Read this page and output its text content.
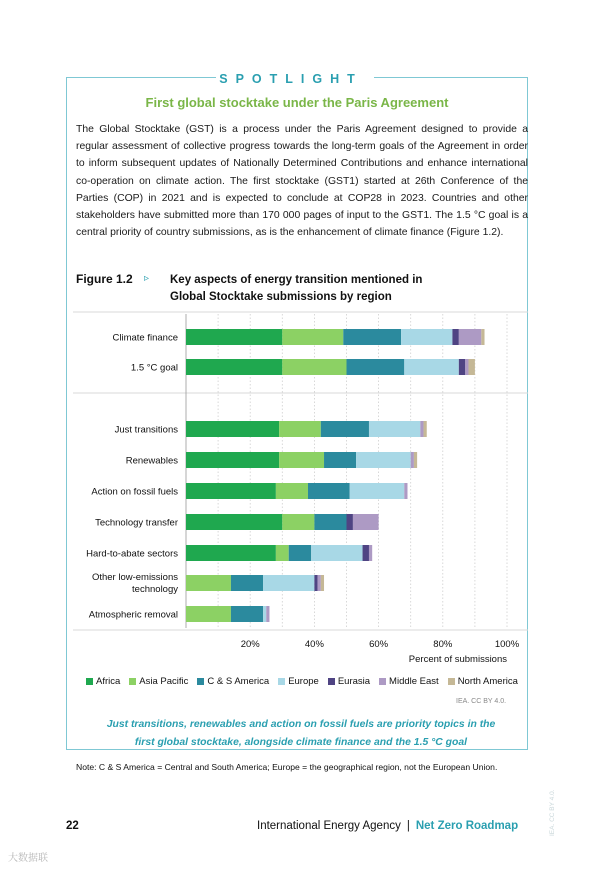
SPOTLIGHT
First global stocktake under the Paris Agreement

The Global Stocktake (GST) is a process under the Paris Agreement designed to provide a regular assessment of collective progress towards the long-term goals of the Agreement in order to inform subsequent updates of Nationally Determined Contributions and enhance international co-operation on climate action. The first stocktake (GST1) started at 26th Conference of the Parties (COP) in 2021 and is expected to conclude at COP28 in 2023. Countries and other stakeholders have submitted more than 170 000 pages of input to the GST1. The 1.5 °C goal is a central priority of country submissions, as is the enhancement of climate finance (Figure 1.2).

Figure 1.2 ▹ Key aspects of energy transition mentioned in
Global Stocktake submissions by region
Climate finance
1.5 °C goal
Just transitions
Renewables
Action on fossil fuels
Technology transfer
Hard-to-abate sectors
Other low-emissions
technology
Atmospheric removal
20%	40%	60%	80%	100%
Percent of submissions
Africa Asia Pacific C & S America Europe Eurasia Middle East North America
IEA. CC BY 4.0.
Just transitions, renewables and action on fossil fuels are priority topics in the
first global stocktake, alongside climate finance and the 1.5 °C goal

Note: C & S America = Central and South America; Europe = the geographical region, not the European Union.

22	International Energy Agency | Net Zero Roadmap	IEA. CC BY 4.0.
大数据联
